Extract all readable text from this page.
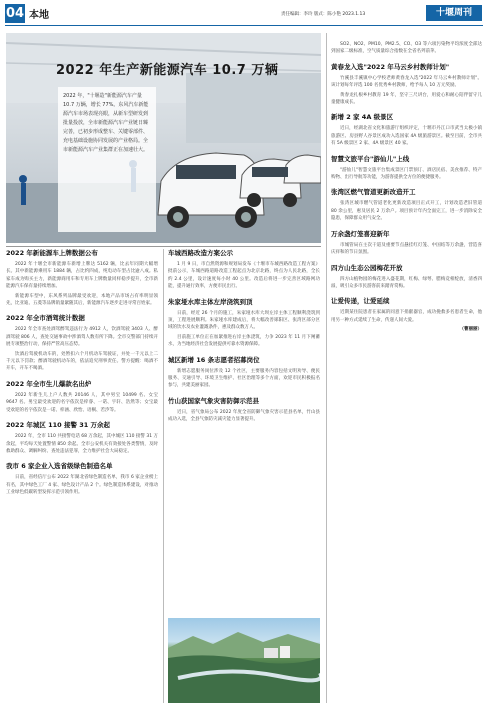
04 本地	责任编辑：李玲 版式：陈小艳 2023.1.13	十堰周刊
2022 年生产新能源汽车 10.7 万辆
2022 年，"十堰造"新能源汽车产量 10.7 万辆，增长 77%。东风汽车新能源汽车市场表现亮眼，从新车型研发到批量投放，全市新能源汽车产业链日臻完善，已初步形成整车、关键零部件、充电基础设施协同发展的产业格局。全市新能源汽车产业集群正在加速壮大。
2022 年新能源车上牌数据公布

2022 年十堰全市新能源车新增上牌达 5162 辆，比去年同期大幅增长。其中新能源乘用车 1884 辆，占比约四成，纯电动车型占比逾八成。私家车成为购买主力，新能源商用车和专用车上牌数量同样稳步提升，全市新能源汽车保有量持续增加。

新能源车型中，东风系列品牌最受欢迎，本地产品市场占有率明显领先，比亚迪、五菱等品牌销量紧随其后，新能源汽车逐步走进寻常百姓家。

2022 年全市酒驾统计数据

2022 年全市查处酒驾醉驾违法行为 4912 人，饮酒驾驶 3403 人、醉酒驾驶 806 人，查处交通事故中涉酒驾人数有所下降。全市交警部门持续开展专项整治行动，保持严管高压态势。

饮酒后驾驶机动车的，处暂扣六个月机动车驾驶证，并处一千元以上二千元以下罚款；醉酒驾驶机动车的，依法追究刑事责任。警方提醒：喝酒不开车，开车不喝酒。

2022 年全市生儿爆款名出炉

2022 年新生儿上户人数共 20146 人，其中男宝 10499 名、女宝 9647 名。男宝最受欢迎的名字依次是梓睿、一诺、宇轩、浩然等；女宝最受欢迎的名字依次是一诺、梓涵、欣怡、语桐、若汐等。

2022 年城区 110 接警 31 万余起

2022 年，全市 110 共接警电话 68 万余起，其中城区 110 接警 31 万余起，平均每天处置警情 850 余起。全市公安机关有效接处各类警情，及时救助群众、调解纠纷、查处违法犯罪，全力维护社会大局稳定。

我市 6 家企业入选省级绿色制造名单

日前，省经信厅公布 2022 年湖北省绿色制造名单，我市 6 家企业榜上有名，其中绿色工厂 4 家、绿色设计产品 2 个。绿色制造体系建设，对推动工业绿色低碳转型发挥示范引领作用。

车城西路改造方案公示

1 月 9 日，市自然资源和规划局发布《十堰市车城西路改造工程方案》批前公示，车城西路道路改造工程起点为北京北路，终点为人民北路，全长约 2.4 公里，设计速度每小时 40 公里。改造后将进一步完善区域路网功能，提升通行效率，方便市民出行。

朱家垭水库主体左岸浇筑到顶

日前，经近 26 个月的施工，朱家垭水库大坝左岸主体工程顺利浇筑到顶，工程进展顺利。朱家垭水库建成后，将大幅改善郧阳区、张湾区部分区域的饮水及农业灌溉条件，惠及群众数万人。

目前施工单位正在加紧推进右岸主体浇筑，力争 2023 年 11 月下闸蓄水，为当地经济社会发展提供可靠水资源保障。

城区新增 16 条志愿者招募岗位

新增志愿服务岗位涉及 12 个社区，主要服务内容包括文明劝导、便民服务、交通引导、环境卫生维护、社区治理等多个方面，欢迎市民积极报名参与，共建美丽家园。

竹山获国家气象灾害防御示范县

近日，省气象局公布 2022 年度全省防御气象灾害示范县名单，竹山县成功入选，全县气象防灾减灾能力显著提升。

SO2、NO2、PM10、PM2.5、CO、O3 等六项污染物平均浓度全部达到国家二级标准，空气质量综合指数在全省名列前茅。

黄春龙入选"2022 年马云乡村教师计划"

竹溪县丰溪镇中心学校老师黄春龙入选"2022 年马云乡村教师计划"。该计划每年评选 100 名优秀乡村教师，给予每人 10 万元奖励。

黄春龙扎根乡村教育 19 年，坚守三尺讲台，用爱心和耐心陪伴留守儿童健康成长。

新增 2 家 4A 级景区

近日，经湖北省文化和旅游厅组织评定，十堰市丹江口市武当太极小镇旅游区、房县野人谷景区成功入选国家 4A 级旅游景区。截至目前，全市共有 5A 级景区 2 家、4A 级景区 40 家。

智慧文旅平台"游仙儿"上线

"游仙儿"智慧文旅平台集成景区门票预订、酒店民宿、美食推荐、特产购物、出行导航等功能，为游客提供全方位的便捷服务。

张湾区燃气管道更新改造开工

张湾区城市燃气管道老化更新改造项目正式开工，计划改造老旧管道 80 余公里，惠及居民 2 万余户。项目预计年内全面完工，进一步消除安全隐患，保障群众用气安全。

万余盏灯笼喜迎新年

市城管局在主次干道及重要节点悬挂红灯笼、中国结等万余盏，营造喜庆祥和的节日氛围。

四方山生态公园梅花开放

四方山植物园的梅花进入盛花期，红梅、绿萼、腊梅竞相绽放，清香四溢，吸引众多市民游客前来踏青赏梅。

让爱传递，让爱延续

近期某住院患者在家属的同意下捐献器官，成功挽救多名患者生命，他用另一种方式延续了生命，传递人间大爱。

（曹丽丽）
